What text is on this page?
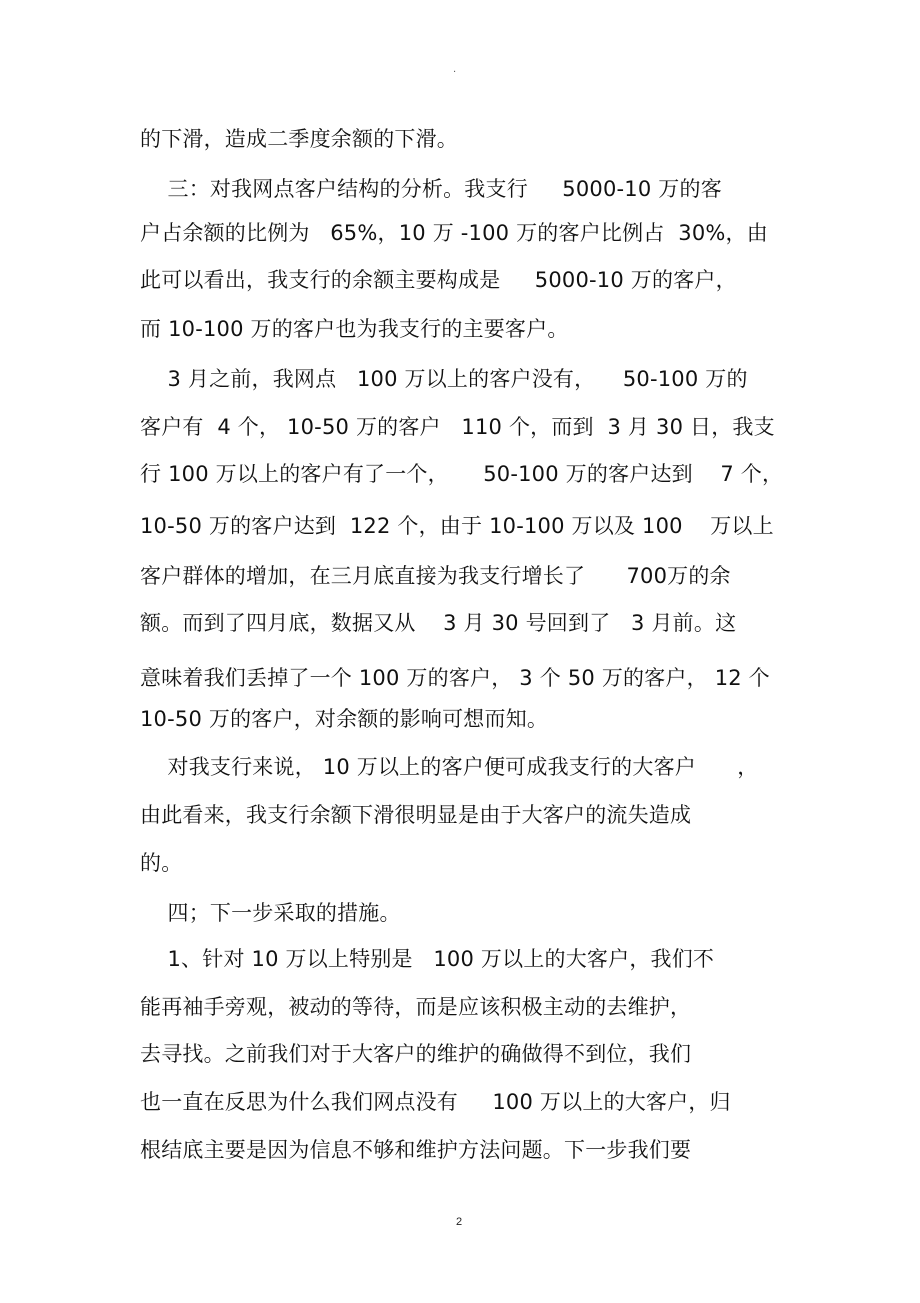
.
的下滑，造成二季度余额的下滑。
三：对我网点客户结构的分析。我支行     5000-10 万的客
户占余额的比例为   65%，10 万 -100 万的客户比例占  30%，由
此可以看出，我支行的余额主要构成是     5000-10 万的客户，
而 10-100 万的客户也为我支行的主要客户。
3 月之前，我网点   100 万以上的客户没有，    50-100 万的
客户有  4 个， 10-50 万的客户   110 个，而到  3 月 30 日，我支
行 100 万以上的客户有了一个，     50-100 万的客户达到    7 个，
10-50 万的客户达到  122 个，由于 10-100 万以及 100    万以上
客户群体的增加，在三月底直接为我支行增长了      700万的余
额。而到了四月底，数据又从    3 月 30 号回到了   3 月前。这
意味着我们丢掉了一个 100 万的客户， 3 个 50 万的客户， 12 个
10-50 万的客户，对余额的影响可想而知。
对我支行来说， 10 万以上的客户便可成我支行的大客户      ，
由此看来，我支行余额下滑很明显是由于大客户的流失造成
的。
四；下一步采取的措施。
1、针对 10 万以上特别是   100 万以上的大客户，我们不
能再袖手旁观，被动的等待，而是应该积极主动的去维护，
去寻找。之前我们对于大客户的维护的确做得不到位，我们
也一直在反思为什么我们网点没有     100 万以上的大客户，归
根结底主要是因为信息不够和维护方法问题。下一步我们要
2
